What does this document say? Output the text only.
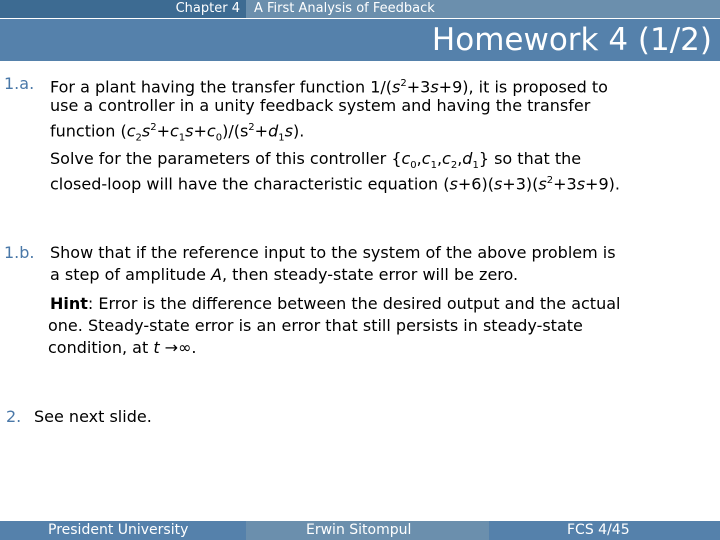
Chapter 4	A First Analysis of Feedback
Homework 4 (1/2)
1.a. For a plant having the transfer function $1/(s^2+3s+9)$, it is proposed to
use a controller in a unity feedback system and having the transfer
function $(c_2s^2+c_1s+c_0)/(s^2+d_1s)$.
Solve for the parameters of this controller $\{c_0,c_1,c_2,d_1\}$ so that the
closed-loop will have the characteristic equation $(s+6)(s+3)(s^2+3s+9)$.
1.b. Show that if the reference input to the system of the above problem is
a step of amplitude A, then steady-state error will be zero.
Hint: Error is the difference between the desired output and the actual
one. Steady-state error is an error that still persists in steady-state
condition, at t →∞.
2. See next slide.
President University	Erwin Sitompul	FCS 4/45
